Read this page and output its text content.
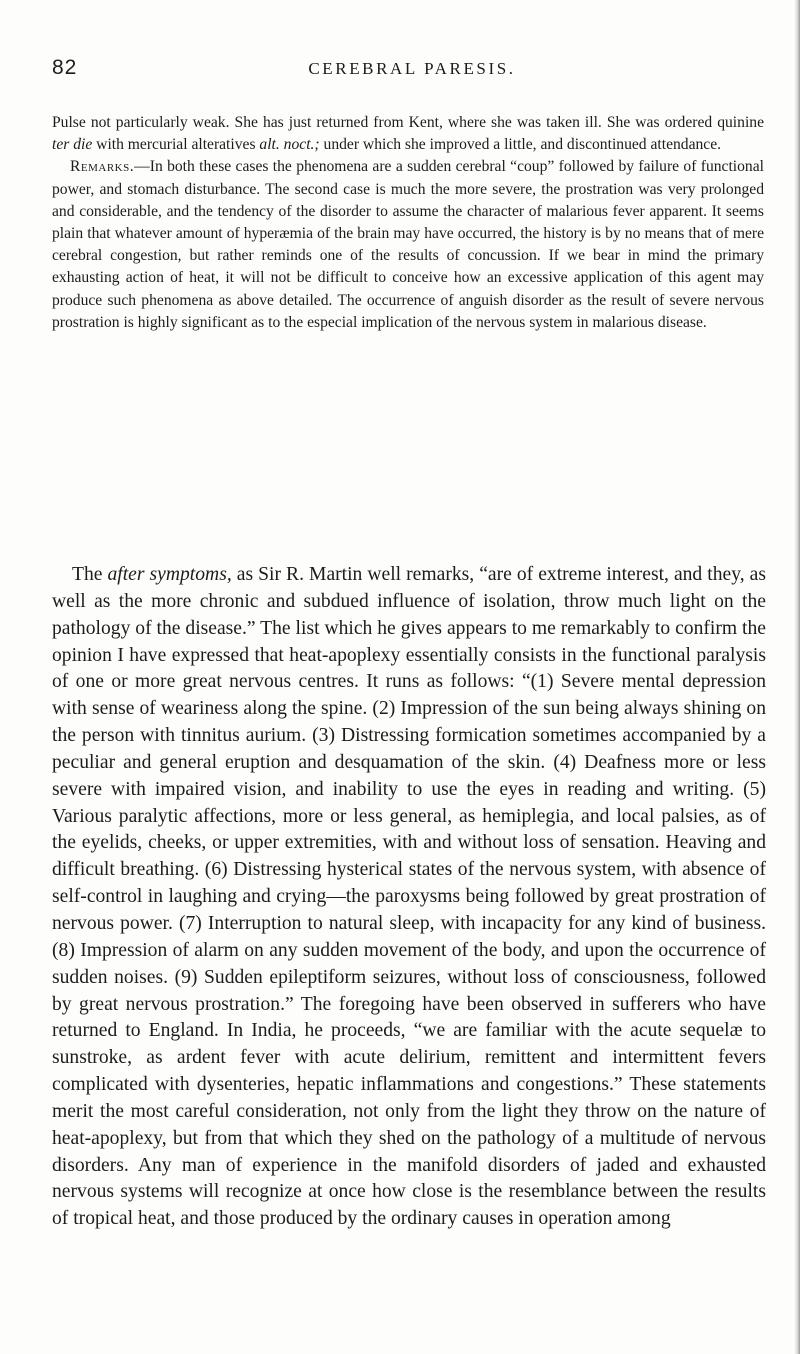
82	CEREBRAL PARESIS.

Pulse not particularly weak. She has just returned from Kent, where she was taken ill. She was ordered quinine ter die with mercurial alteratives alt. noct.; under which she improved a little, and discontinued attendance.

Remarks.—In both these cases the phenomena are a sudden cerebral “coup” followed by failure of functional power, and stomach disturbance. The second case is much the more severe, the prostration was very prolonged and considerable, and the tendency of the disorder to assume the character of malarious fever apparent. It seems plain that whatever amount of hyperæmia of the brain may have occurred, the history is by no means that of mere cerebral congestion, but rather reminds one of the results of concussion. If we bear in mind the primary exhausting action of heat, it will not be difficult to conceive how an excessive application of this agent may produce such phenomena as above detailed. The occurrence of anguish disorder as the result of severe nervous prostration is highly significant as to the especial implication of the nervous system in malarious disease.

The after symptoms, as Sir R. Martin well remarks, “are of extreme interest, and they, as well as the more chronic and subdued influence of isolation, throw much light on the pathology of the disease.” The list which he gives appears to me remarkably to confirm the opinion I have expressed that heat-apoplexy essentially consists in the functional paralysis of one or more great nervous centres. It runs as follows: “(1) Severe mental depression with sense of weariness along the spine. (2) Impression of the sun being always shining on the person with tinnitus aurium. (3) Distressing formication sometimes accompanied by a peculiar and general eruption and desquamation of the skin. (4) Deafness more or less severe with impaired vision, and inability to use the eyes in reading and writing. (5) Various paralytic affections, more or less general, as hemiplegia, and local palsies, as of the eyelids, cheeks, or upper extremities, with and without loss of sensation. Heaving and difficult breathing. (6) Distressing hysterical states of the nervous system, with absence of self-control in laughing and crying—the paroxysms being followed by great prostration of nervous power. (7) Interruption to natural sleep, with incapacity for any kind of business. (8) Impression of alarm on any sudden movement of the body, and upon the occurrence of sudden noises. (9) Sudden epileptiform seizures, without loss of consciousness, followed by great nervous prostration.” The foregoing have been observed in sufferers who have returned to England. In India, he proceeds, “we are familiar with the acute sequelæ to sunstroke, as ardent fever with acute delirium, remittent and intermittent fevers complicated with dysenteries, hepatic inflammations and congestions.” These statements merit the most careful consideration, not only from the light they throw on the nature of heat-apoplexy, but from that which they shed on the pathology of a multitude of nervous disorders. Any man of experience in the manifold disorders of jaded and exhausted nervous systems will recognize at once how close is the resemblance between the results of tropical heat, and those produced by the ordinary causes in operation among
